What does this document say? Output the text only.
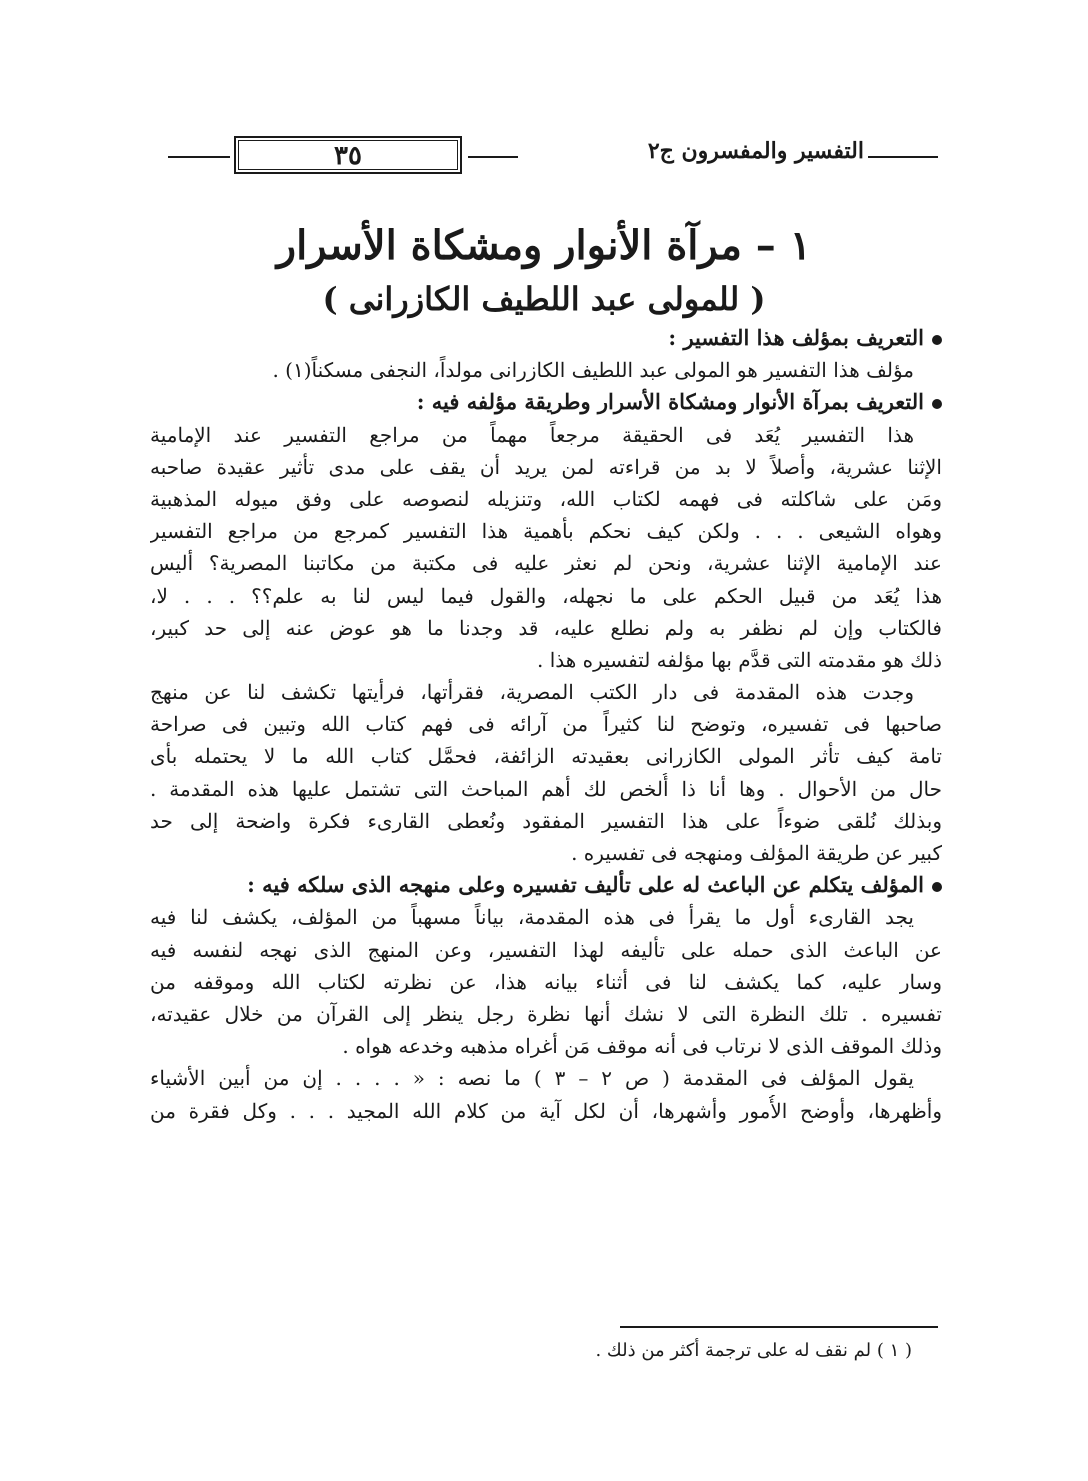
التفسير والمفسرون ج٢
٣٥
١ – مرآة الأنوار ومشكاة الأسرار
( للمولى عبد اللطيف الكازرانى )
التعريف بمؤلف هذا التفسير :
مؤلف هذا التفسير هو المولى عبد اللطيف الكازرانى مولداً، النجفى مسكناً(١) .
التعريف بمرآة الأنوار ومشكاة الأسرار وطريقة مؤلفه فيه :
هذا التفسير يُعَد فى الحقيقة مرجعاً مهماً من مراجع التفسير عند الإمامية
الإثنا عشرية، وأصلاً لا بد من قراءته لمن يريد أن يقف على مدى تأثير عقيدة صاحبه
ومَن على شاكلته فى فهمه لكتاب الله، وتنزيله لنصوصه على وفق ميوله المذهبية
وهواه الشيعى . . . ولكن كيف نحكم بأهمية هذا التفسير كمرجع من مراجع التفسير
عند الإمامية الإثنا عشرية، ونحن لم نعثر عليه فى مكتبة من مكاتبنا المصرية؟ أليس
هذا يُعَد من قبيل الحكم على ما نجهله، والقول فيما ليس لنا به علم؟؟ . . . لا،
فالكتاب وإن لم نظفر به ولم نطلع عليه، قد وجدنا ما هو عوض عنه إلى حد كبير،
ذلك هو مقدمته التى قدَّم بها مؤلفه لتفسيره هذا .
وجدت هذه المقدمة فى دار الكتب المصرية، فقرأتها، فرأيتها تكشف لنا عن منهج
صاحبها فى تفسيره، وتوضح لنا كثيراً من آرائه فى فهم كتاب الله وتبين فى صراحة
تامة كيف تأثر المولى الكازرانى بعقيدته الزائفة، فحمَّل كتاب الله ما لا يحتمله بأى
حال من الأحوال . وها أنا ذا أُلخص لك أهم المباحث التى تشتمل عليها هذه المقدمة .
وبذلك نُلقى ضوءاً على هذا التفسير المفقود ونُعطى القارىء فكرة واضحة إلى حد
كبير عن طريقة المؤلف ومنهجه فى تفسيره .
المؤلف يتكلم عن الباعث له على تأليف تفسيره وعلى منهجه الذى سلكه فيه :
يجد القارىء أول ما يقرأ فى هذه المقدمة، بياناً مسهباً من المؤلف، يكشف لنا فيه
عن الباعث الذى حمله على تأليفه لهذا التفسير، وعن المنهج الذى نهجه لنفسه فيه
وسار عليه، كما يكشف لنا فى أثناء بيانه هذا، عن نظرته لكتاب الله وموقفه من
تفسيره . تلك النظرة التى لا نشك أنها نظرة رجل ينظر إلى القرآن من خلال عقيدته،
وذلك الموقف الذى لا نرتاب فى أنه موقف مَن أغراه مذهبه وخدعه هواه .
يقول المؤلف فى المقدمة ( ص ٢ – ٣ ) ما نصه : « . . . . إن من أبين الأشياء
وأظهرها، وأوضح الأُمور وأشهرها، أن لكل آية من كلام الله المجيد . . . وكل فقرة من
( ١ ) لم نقف له على ترجمة أكثر من ذلك .
